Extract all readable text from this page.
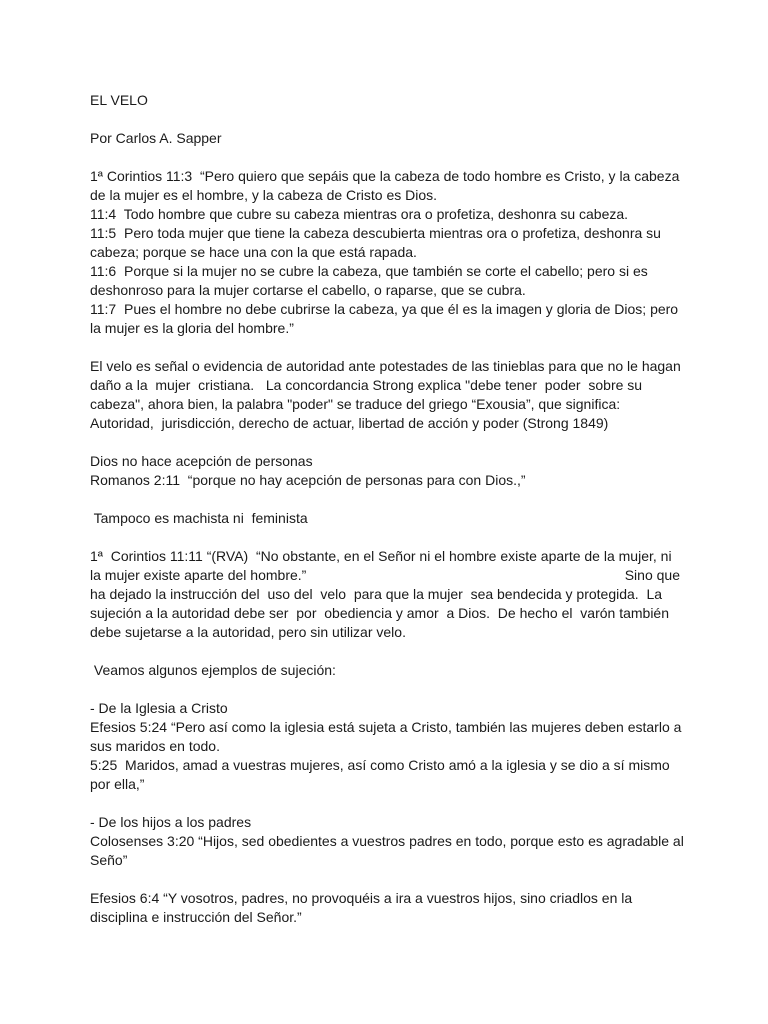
EL VELO
Por Carlos A. Sapper
1ª Corintios 11:3  “Pero quiero que sepáis que la cabeza de todo hombre es Cristo, y la cabeza
de la mujer es el hombre, y la cabeza de Cristo es Dios.
11:4  Todo hombre que cubre su cabeza mientras ora o profetiza, deshonra su cabeza.
11:5  Pero toda mujer que tiene la cabeza descubierta mientras ora o profetiza, deshonra su
cabeza; porque se hace una con la que está rapada.
11:6  Porque si la mujer no se cubre la cabeza, que también se corte el cabello; pero si es
deshonroso para la mujer cortarse el cabello, o raparse, que se cubra.
11:7  Pues el hombre no debe cubrirse la cabeza, ya que él es la imagen y gloria de Dios; pero
la mujer es la gloria del hombre.”
El velo es señal o evidencia de autoridad ante potestades de las tinieblas para que no le hagan
daño a la  mujer  cristiana.   La concordancia Strong explica "debe tener  poder  sobre su
cabeza", ahora bien, la palabra "poder" se traduce del griego “Exousia”, que significa:
Autoridad,  jurisdicción, derecho de actuar, libertad de acción y poder (Strong 1849)
Dios no hace acepción de personas
Romanos 2:11  “porque no hay acepción de personas para con Dios.,”
Tampoco es machista ni  feminista
1ª  Corintios 11:11 “(RVA)  “No obstante, en el Señor ni el hombre existe aparte de la mujer, ni
la mujer existe aparte del hombre.”	Sino que
ha dejado la instrucción del  uso del  velo  para que la mujer  sea bendecida y protegida.  La
sujeción a la autoridad debe ser  por  obediencia y amor  a Dios.  De hecho el  varón también
debe sujetarse a la autoridad, pero sin utilizar velo.
Veamos algunos ejemplos de sujeción:
- De la Iglesia a Cristo
Efesios 5:24 “Pero así como la iglesia está sujeta a Cristo, también las mujeres deben estarlo a
sus maridos en todo.
5:25  Maridos, amad a vuestras mujeres, así como Cristo amó a la iglesia y se dio a sí mismo
por ella,”
- De los hijos a los padres
Colosenses 3:20 “Hijos, sed obedientes a vuestros padres en todo, porque esto es agradable al
Seño”
Efesios 6:4 “Y vosotros, padres, no provoquéis a ira a vuestros hijos, sino criadlos en la
disciplina e instrucción del Señor.”
